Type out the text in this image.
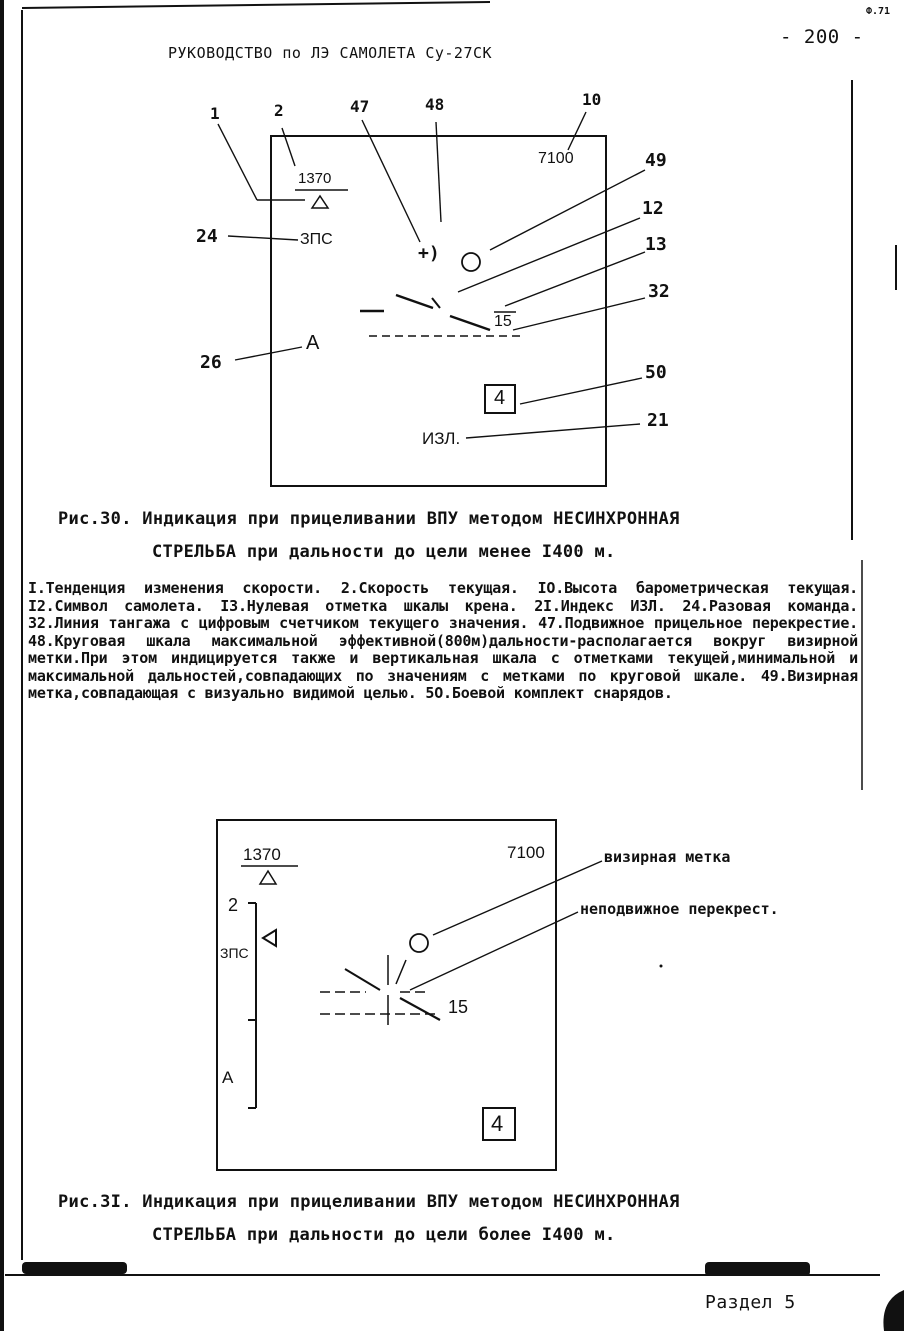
Ф.71
РУКОВОДСТВО по ЛЭ САМОЛЕТА Су-27СК
- 200 -
+)
1	2	47	48	10
49
12
13
24
32
26	50
21
1370
7100
ЗПС
A
15
4
ИЗЛ.
Рис.30. Индикация при прицеливании ВПУ методом НЕСИНХРОННАЯ
СТРЕЛЬБА при дальности до цели менее I400 м.
I.Тенденция изменения скорости. 2.Скорость текущая. IO.Высота барометрическая текущая. I2.Символ самолета. I3.Нулевая отметка шкалы крена. 2I.Индекс ИЗЛ. 24.Разовая команда. 32.Линия тангажа с цифровым счетчиком текущего значения. 47.Подвижное прицельное перекрестие. 48.Круговая шкала максимальной эффективной(800м)дальности-располагается вокруг визирной метки.При этом индицируется также и вертикальная шкала с отметками текущей,минимальной и максимальной дальностей,совпадающих по значениям с метками по круговой шкале. 49.Визирная метка,совпадающая с визуально видимой целью. 5O.Боевой комплект снарядов.
1370	7100
2
ЗПС
A
15
4
визирная метка
неподвижное перекрест.
Рис.3I. Индикация при прицеливании ВПУ методом НЕСИНХРОННАЯ
СТРЕЛЬБА при дальности до цели более I400 м.
Раздел 5
